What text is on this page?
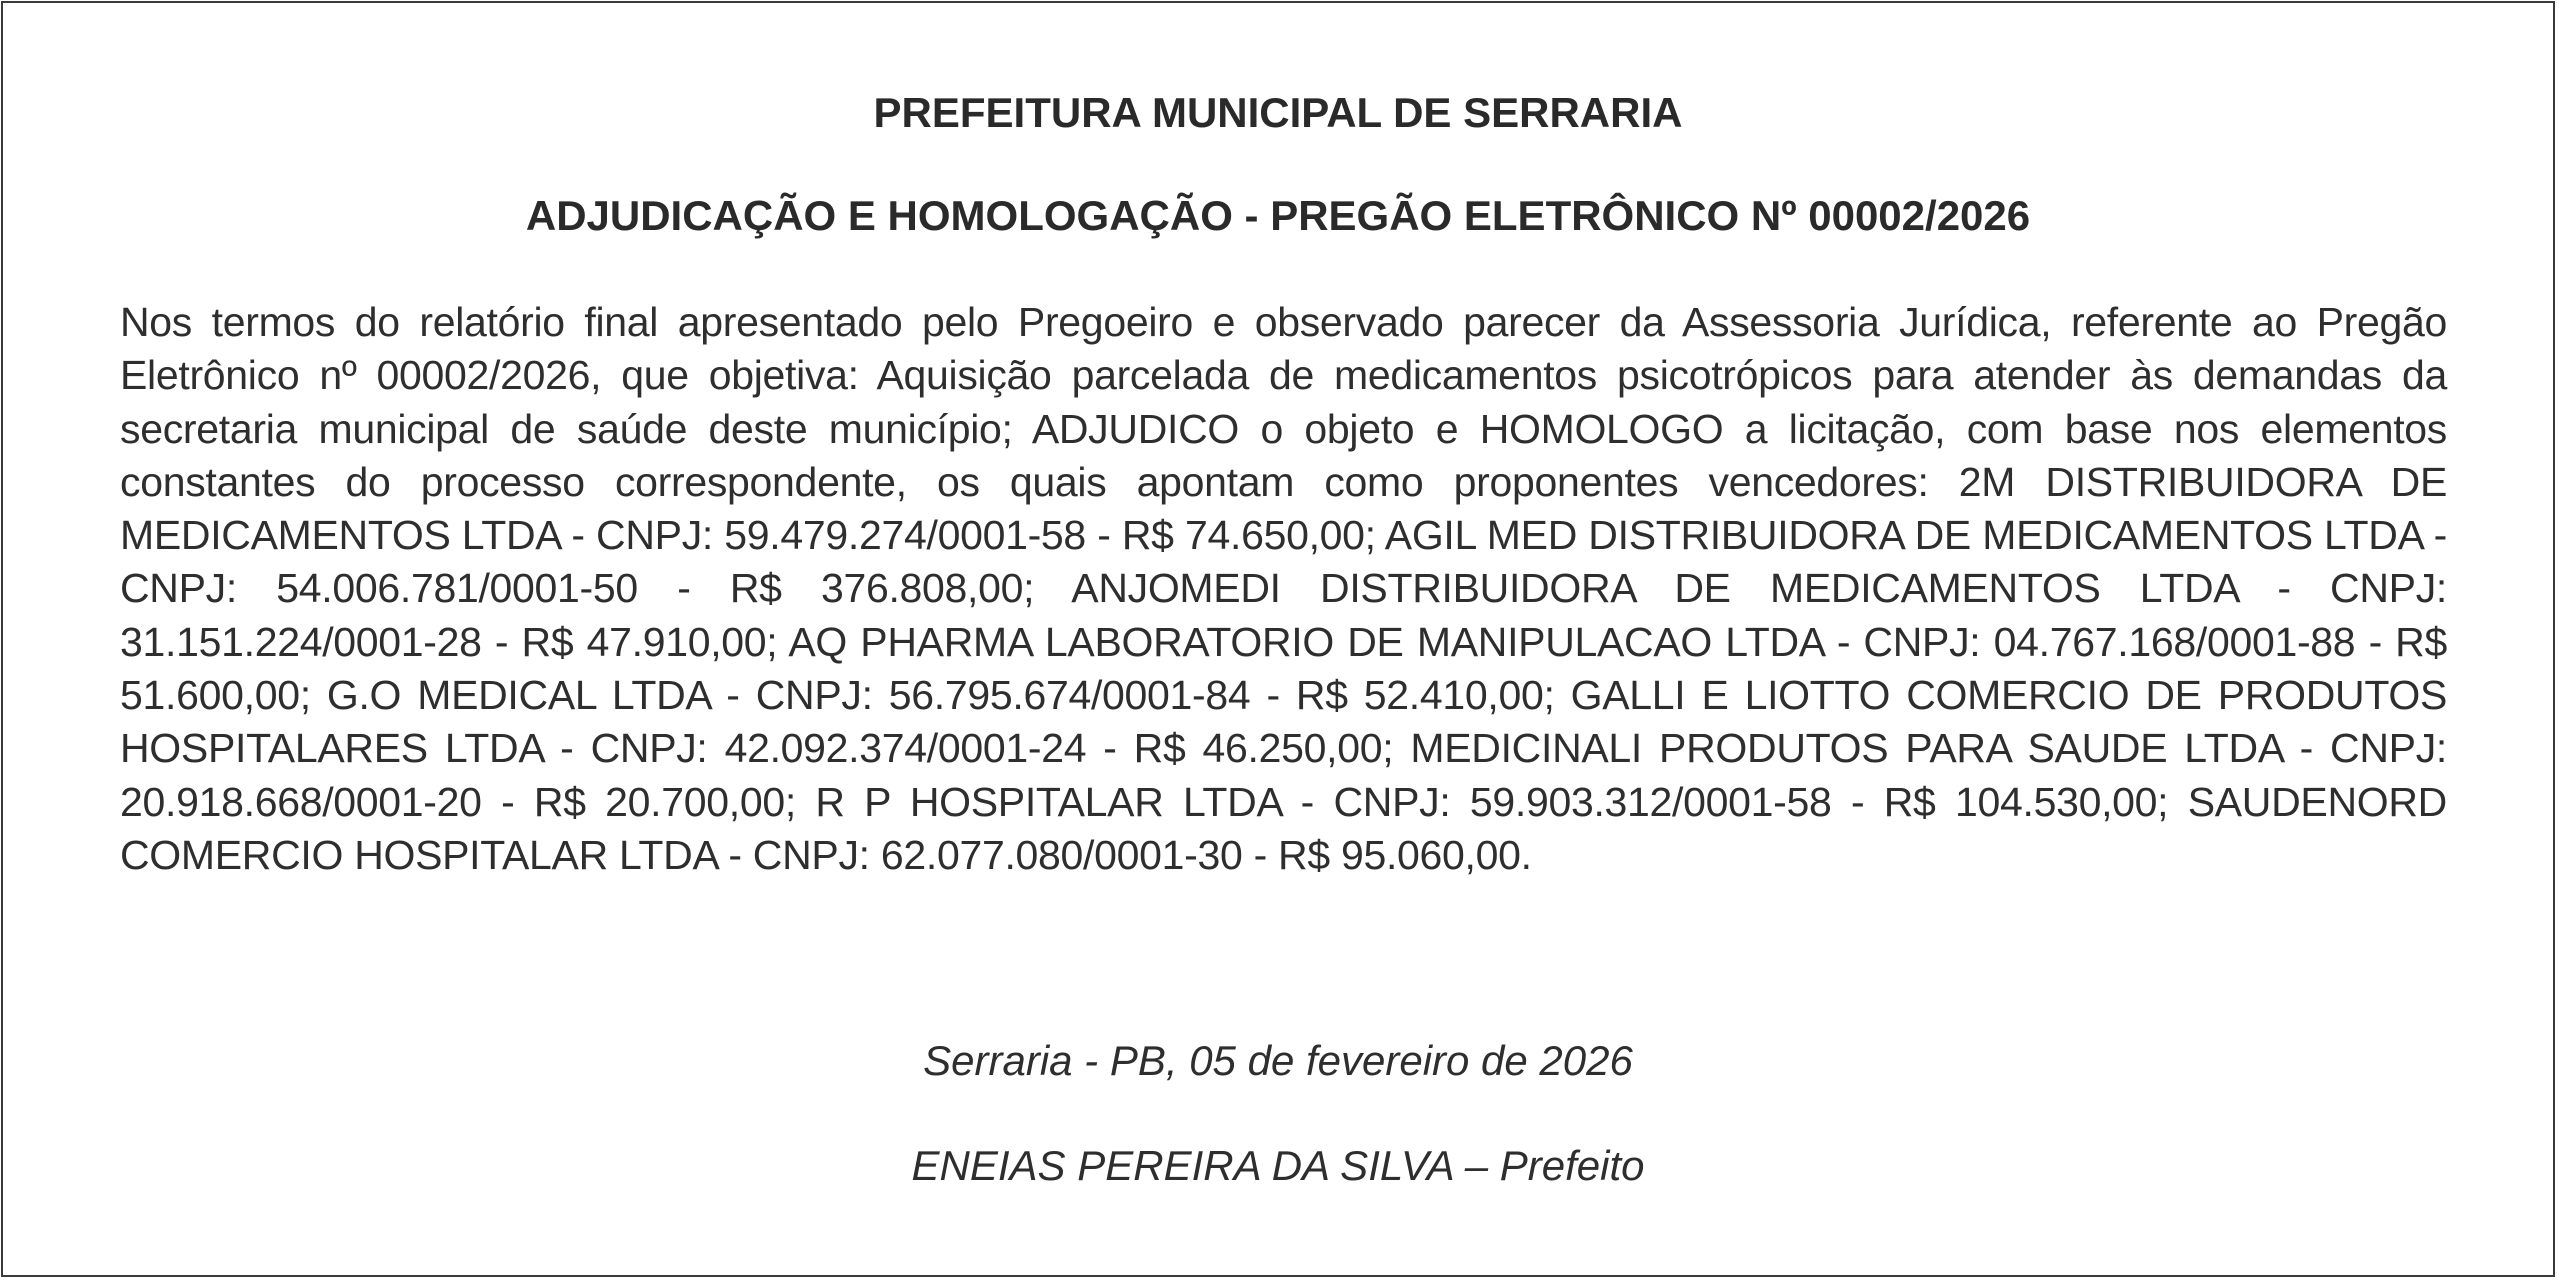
PREFEITURA MUNICIPAL DE SERRARIA
ADJUDICAÇÃO E HOMOLOGAÇÃO - PREGÃO ELETRÔNICO Nº 00002/2026

Nos termos do relatório final apresentado pelo Pregoeiro e observado parecer da Assessoria Jurídica, referente ao Pregão Eletrônico nº 00002/2026, que objetiva: Aquisição parcelada de medicamentos psicotrópicos para atender às demandas da secretaria municipal de saúde deste município; ADJUDICO o objeto e HOMOLOGO a licitação, com base nos elementos constantes do processo correspondente, os quais apontam como proponentes vencedores: 2M DISTRIBUIDORA DE MEDICAMENTOS LTDA - CNPJ: 59.479.274/0001-58 - R$ 74.650,00; AGIL MED DISTRIBUIDORA DE MEDICAMENTOS LTDA - CNPJ: 54.006.781/0001-50 - R$ 376.808,00; ANJOMEDI DISTRIBUIDORA DE MEDICAMENTOS LTDA - CNPJ: 31.151.224/0001-28 - R$ 47.910,00; AQ PHARMA LABORATORIO DE MANIPULACAO LTDA - CNPJ: 04.767.168/0001-88 - R$ 51.600,00; G.O MEDICAL LTDA - CNPJ: 56.795.674/0001-84 - R$ 52.410,00; GALLI E LIOTTO COMERCIO DE PRODUTOS HOSPITALARES LTDA - CNPJ: 42.092.374/0001-24 - R$ 46.250,00; MEDICINALI PRODUTOS PARA SAUDE LTDA - CNPJ: 20.918.668/0001-20 - R$ 20.700,00; R P HOSPITALAR LTDA - CNPJ: 59.903.312/0001-58 - R$ 104.530,00; SAUDENORD COMERCIO HOSPITALAR LTDA - CNPJ: 62.077.080/0001-30 - R$ 95.060,00.

Serraria - PB, 05 de fevereiro de 2026

ENEIAS PEREIRA DA SILVA – Prefeito
